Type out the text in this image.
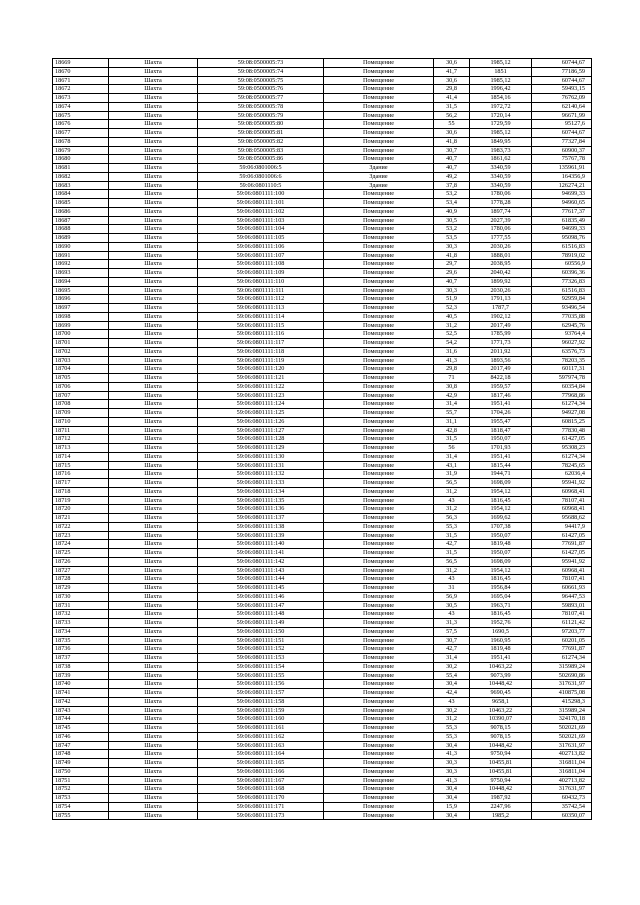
18669	Шахта	59:08:0500005:73	Помещение	30,6	1985,12	60744,67
18670	Шахта	59:08:0500005:74	Помещение	41,7	1851	77186,59
18671	Шахта	59:08:0500005:75	Помещение	30,6	1985,12	60744,67
18672	Шахта	59:08:0500005:76	Помещение	29,8	1996,42	59493,15
18673	Шахта	59:08:0500005:77	Помещение	41,4	1854,16	76762,09
18674	Шахта	59:08:0500005:78	Помещение	31,5	1972,72	62140,64
18675	Шахта	59:08:0500005:79	Помещение	56,2	1720,14	96671,99
18676	Шахта	59:08:0500005:80	Помещение	55	1729,59	95127,6
18677	Шахта	59:08:0500005:81	Помещение	30,6	1985,12	60744,67
18678	Шахта	59:08:0500005:82	Помещение	41,8	1849,95	77327,84
18679	Шахта	59:08:0500005:83	Помещение	30,7	1983,73	60900,37
18680	Шахта	59:08:0500005:86	Помещение	40,7	1861,62	75767,78
18681	Шахта	59:06:0801006:5	Здание	40,7	3340,59	135961,91
18682	Шахта	59:06:0801006:6	Здание	49,2	3340,59	164356,9
18683	Шахта	59:06:0801110:5	Здание	37,8	3340,59	126274,21
18684	Шахта	59:06:0801111:100	Помещение	53,2	1780,06	94699,33
18685	Шахта	59:06:0801111:101	Помещение	53,4	1778,28	94960,65
18686	Шахта	59:06:0801111:102	Помещение	40,9	1897,74	77617,37
18687	Шахта	59:06:0801111:103	Помещение	30,5	2027,39	61835,49
18688	Шахта	59:06:0801111:104	Помещение	53,2	1780,06	94699,33
18689	Шахта	59:06:0801111:105	Помещение	53,5	1777,55	95098,76
18690	Шахта	59:06:0801111:106	Помещение	30,3	2030,26	61516,83
18691	Шахта	59:06:0801111:107	Помещение	41,8	1888,01	78919,02
18692	Шахта	59:06:0801111:108	Помещение	29,7	2038,95	60556,9
18693	Шахта	59:06:0801111:109	Помещение	29,6	2040,42	60396,36
18694	Шахта	59:06:0801111:110	Помещение	40,7	1899,92	77326,83
18695	Шахта	59:06:0801111:111	Помещение	30,3	2030,26	61516,83
18696	Шахта	59:06:0801111:112	Помещение	51,9	1791,13	92959,84
18697	Шахта	59:06:0801111:113	Помещение	52,3	1787,7	93496,54
18698	Шахта	59:06:0801111:114	Помещение	40,5	1902,12	77035,88
18699	Шахта	59:06:0801111:115	Помещение	31,2	2017,49	62945,76
18700	Шахта	59:06:0801111:116	Помещение	52,5	1785,99	93764,4
18701	Шахта	59:06:0801111:117	Помещение	54,2	1771,73	96027,92
18702	Шахта	59:06:0801111:118	Помещение	31,6	2011,92	63576,73
18703	Шахта	59:06:0801111:119	Помещение	41,3	1893,56	78203,35
18704	Шахта	59:06:0801111:120	Помещение	29,8	2017,49	60117,31
18705	Шахта	59:06:0801111:121	Помещение	71	8422,18	597974,78
18706	Шахта	59:06:0801111:122	Помещение	30,8	1959,57	60354,84
18707	Шахта	59:06:0801111:123	Помещение	42,9	1817,46	77968,86
18708	Шахта	59:06:0801111:124	Помещение	31,4	1951,41	61274,34
18709	Шахта	59:06:0801111:125	Помещение	55,7	1704,26	94927,08
18710	Шахта	59:06:0801111:126	Помещение	31,1	1955,47	60815,25
18711	Шахта	59:06:0801111:127	Помещение	42,8	1818,47	77830,48
18712	Шахта	59:06:0801111:128	Помещение	31,5	1950,07	61427,05
18713	Шахта	59:06:0801111:129	Помещение	56	1701,93	95308,23
18714	Шахта	59:06:0801111:130	Помещение	31,4	1951,41	61274,34
18715	Шахта	59:06:0801111:131	Помещение	43,1	1815,44	78245,65
18716	Шахта	59:06:0801111:132	Помещение	31,9	1944,71	62036,4
18717	Шахта	59:06:0801111:133	Помещение	56,5	1698,09	95941,92
18718	Шахта	59:06:0801111:134	Помещение	31,2	1954,12	60968,41
18719	Шахта	59:06:0801111:135	Помещение	43	1816,45	78107,41
18720	Шахта	59:06:0801111:136	Помещение	31,2	1954,12	60968,41
18721	Шахта	59:06:0801111:137	Помещение	56,3	1699,62	95688,62
18722	Шахта	59:06:0801111:138	Помещение	55,3	1707,38	94417,9
18723	Шахта	59:06:0801111:139	Помещение	31,5	1950,07	61427,05
18724	Шахта	59:06:0801111:140	Помещение	42,7	1819,48	77691,87
18725	Шахта	59:06:0801111:141	Помещение	31,5	1950,07	61427,05
18726	Шахта	59:06:0801111:142	Помещение	56,5	1698,09	95941,92
18727	Шахта	59:06:0801111:143	Помещение	31,2	1954,12	60968,41
18728	Шахта	59:06:0801111:144	Помещение	43	1816,45	78107,41
18729	Шахта	59:06:0801111:145	Помещение	31	1956,84	60661,93
18730	Шахта	59:06:0801111:146	Помещение	56,9	1695,04	96447,53
18731	Шахта	59:06:0801111:147	Помещение	30,5	1963,71	59893,01
18732	Шахта	59:06:0801111:148	Помещение	43	1816,45	78107,41
18733	Шахта	59:06:0801111:149	Помещение	31,3	1952,76	61121,42
18734	Шахта	59:06:0801111:150	Помещение	57,5	1690,5	97203,77
18735	Шахта	59:06:0801111:151	Помещение	30,7	1960,95	60201,05
18736	Шахта	59:06:0801111:152	Помещение	42,7	1819,48	77691,87
18737	Шахта	59:06:0801111:153	Помещение	31,4	1951,41	61274,34
18738	Шахта	59:06:0801111:154	Помещение	30,2	10463,22	315989,24
18739	Шахта	59:06:0801111:155	Помещение	55,4	9073,99	502690,86
18740	Шахта	59:06:0801111:156	Помещение	30,4	10448,42	317631,97
18741	Шахта	59:06:0801111:157	Помещение	42,4	9690,45	410875,08
18742	Шахта	59:06:0801111:158	Помещение	43	9658,1	415298,3
18743	Шахта	59:06:0801111:159	Помещение	30,2	10463,22	315989,24
18744	Шахта	59:06:0801111:160	Помещение	31,2	10390,07	324170,18
18745	Шахта	59:06:0801111:161	Помещение	55,3	9078,15	502021,69
18746	Шахта	59:06:0801111:162	Помещение	55,3	9078,15	502021,69
18747	Шахта	59:06:0801111:163	Помещение	30,4	10448,42	317631,97
18748	Шахта	59:06:0801111:164	Помещение	41,3	9750,94	402713,82
18749	Шахта	59:06:0801111:165	Помещение	30,3	10455,81	316811,04
18750	Шахта	59:06:0801111:166	Помещение	30,3	10455,81	316811,04
18751	Шахта	59:06:0801111:167	Помещение	41,3	9750,94	402713,82
18752	Шахта	59:06:0801111:168	Помещение	30,4	10448,42	317631,97
18753	Шахта	59:06:0801111:170	Помещение	30,4	1987,92	60432,73
18754	Шахта	59:06:0801111:171	Помещение	15,9	2247,96	35742,54
18755	Шахта	59:06:0801111:173	Помещение	30,4	1985,2	60350,07
